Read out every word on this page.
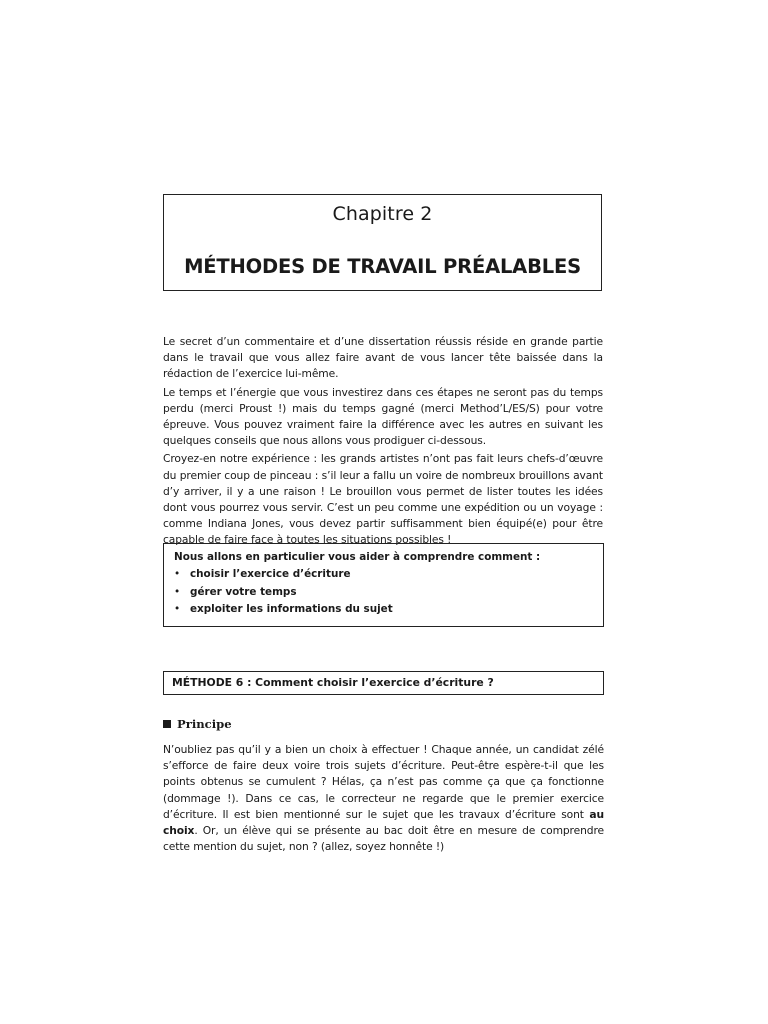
Chapitre 2
MÉTHODES DE TRAVAIL PRÉALABLES

Le secret d’un commentaire et d’une dissertation réussis réside en grande partie dans le travail que vous allez faire avant de vous lancer tête baissée dans la rédaction de l’exercice lui-même.

Le temps et l’énergie que vous investirez dans ces étapes ne seront pas du temps perdu (merci Proust !) mais du temps gagné (merci Method’L/ES/S) pour votre épreuve. Vous pouvez vraiment faire la différence avec les autres en suivant les quelques conseils que nous allons vous prodiguer ci-dessous.

Croyez-en notre expérience : les grands artistes n’ont pas fait leurs chefs-d’œuvre du premier coup de pinceau : s’il leur a fallu un voire de nombreux brouillons avant d’y arriver, il y a une raison ! Le brouillon vous permet de lister toutes les idées dont vous pourrez vous servir. C’est un peu comme une expédition ou un voyage : comme Indiana Jones, vous devez partir suffisamment bien équipé(e) pour être capable de faire face à toutes les situations possibles !

Nous allons en particulier vous aider à comprendre comment :
• choisir l’exercice d’écriture
• gérer votre temps
• exploiter les informations du sujet
MÉTHODE 6 : Comment choisir l’exercice d’écriture ?
Principe

N’oubliez pas qu’il y a bien un choix à effectuer ! Chaque année, un candidat zélé s’efforce de faire deux voire trois sujets d’écriture. Peut-être espère-t-il que les points obtenus se cumulent ? Hélas, ça n’est pas comme ça que ça fonctionne (dommage !). Dans ce cas, le correcteur ne regarde que le premier exercice d’écriture. Il est bien mentionné sur le sujet que les travaux d’écriture sont au choix. Or, un élève qui se présente au bac doit être en mesure de comprendre cette mention du sujet, non ? (allez, soyez honnête !)
